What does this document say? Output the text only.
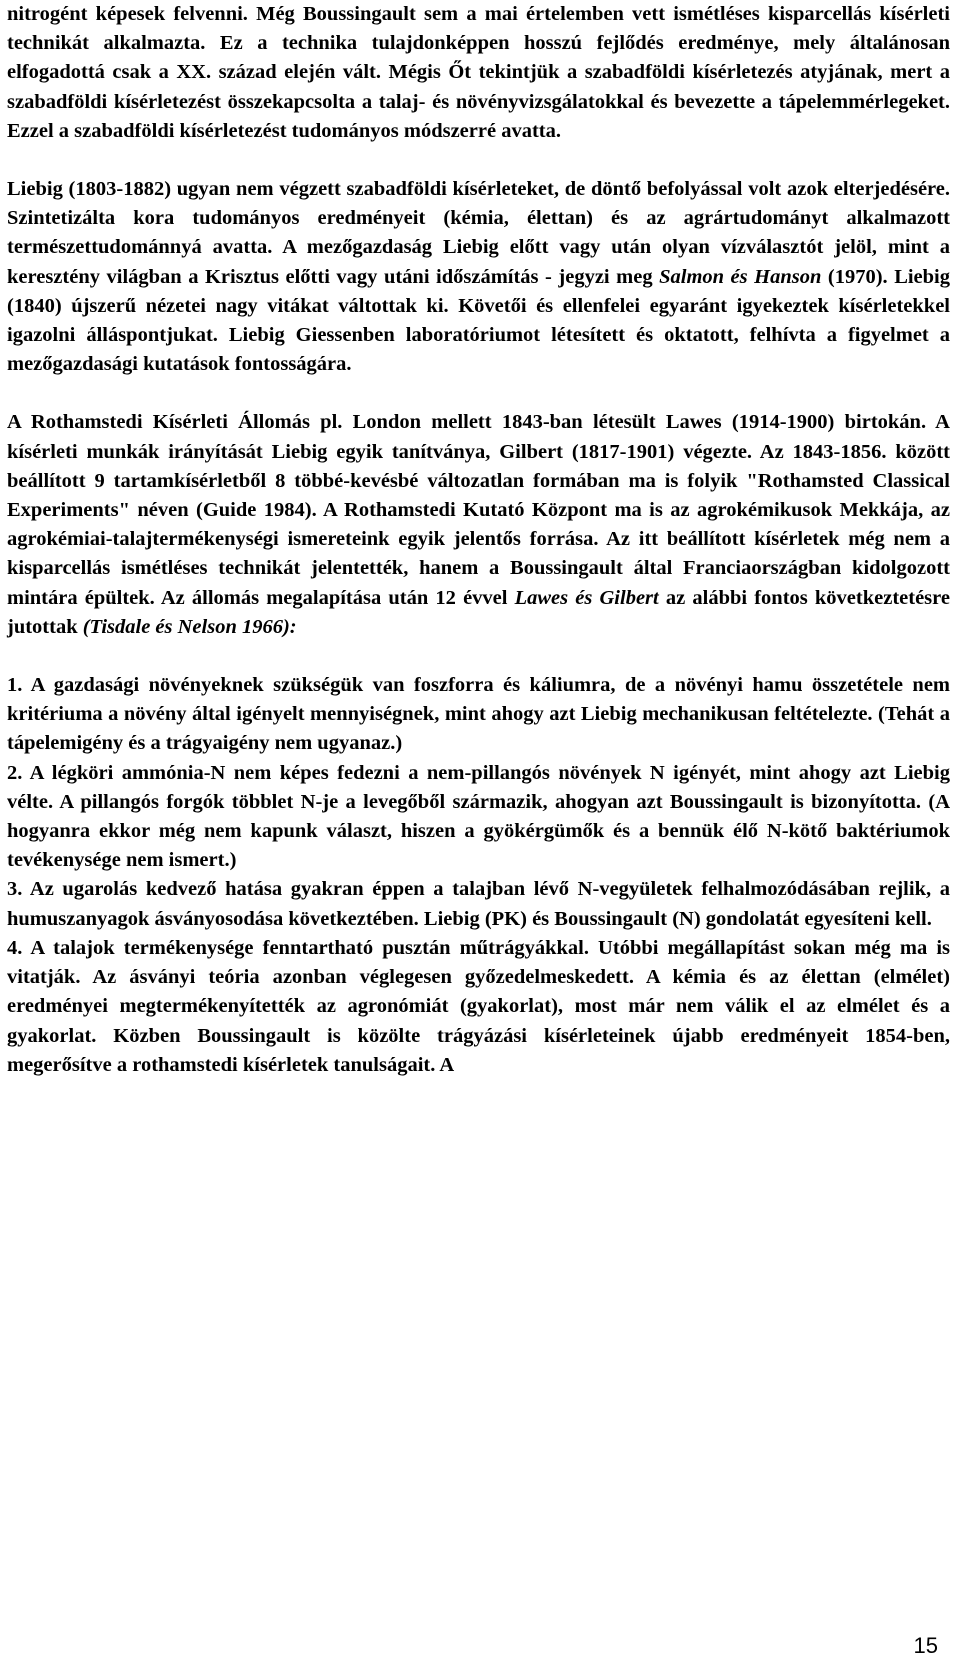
nitrogént képesek felvenni. Még Boussingault sem a mai értelemben vett ismétléses kisparcellás kísérleti technikát alkalmazta. Ez a technika tulajdonképpen hosszú fejlődés eredménye, mely általánosan elfogadottá csak a XX. század elején vált. Mégis Őt tekintjük a szabadföldi kísérletezés atyjának, mert a szabadföldi kísérletezést összekapcsolta a talaj- és növényvizsgálatokkal és bevezette a tápelemmérlegeket. Ezzel a szabadföldi kísérletezést tudományos módszerré avatta.

Liebig (1803-1882) ugyan nem végzett szabadföldi kísérleteket, de döntő befolyással volt azok elterjedésére. Szintetizálta kora tudományos eredményeit (kémia, élettan) és az agrártudományt alkalmazott természettudománnyá avatta. A mezőgazdaság Liebig előtt vagy után olyan vízválasztót jelöl, mint a keresztény világban a Krisztus előtti vagy utáni időszámítás - jegyzi meg Salmon és Hanson (1970). Liebig (1840) újszerű nézetei nagy vitákat váltottak ki. Követői és ellenfelei egyaránt igyekeztek kísérletekkel igazolni álláspontjukat. Liebig Giessenben laboratóriumot létesített és oktatott, felhívta a figyelmet a mezőgazdasági kutatások fontosságára.

A Rothamstedi Kísérleti Állomás pl. London mellett 1843-ban létesült Lawes (1914-1900) birtokán. A kísérleti munkák irányítását Liebig egyik tanítványa, Gilbert (1817-1901) végezte. Az 1843-1856. között beállított 9 tartamkísérletből 8 többé-kevésbé változatlan formában ma is folyik "Rothamsted Classical Experiments" néven (Guide 1984). A Rothamstedi Kutató Központ ma is az agrokémikusok Mekkája, az agrokémiai-talajtermékenységi ismereteink egyik jelentős forrása. Az itt beállított kísérletek még nem a kisparcellás ismétléses technikát jelentették, hanem a Boussingault által Franciaországban kidolgozott mintára épültek. Az állomás megalapítása után 12 évvel Lawes és Gilbert az alábbi fontos következtetésre jutottak (Tisdale és Nelson 1966):

1. A gazdasági növényeknek szükségük van foszforra és káliumra, de a növényi hamu összetétele nem kritériuma a növény által igényelt mennyiségnek, mint ahogy azt Liebig mechanikusan feltételezte. (Tehát a tápelemigény és a trágyaigény nem ugyanaz.)

2. A légköri ammónia-N nem képes fedezni a nem-pillangós növények N igényét, mint ahogy azt Liebig vélte. A pillangós forgók többlet N-je a levegőből származik, ahogyan azt Boussingault is bizonyította. (A hogyanra ekkor még nem kapunk választ, hiszen a gyökérgümők és a bennük élő N-kötő baktériumok tevékenysége nem ismert.)

3. Az ugarolás kedvező hatása gyakran éppen a talajban lévő N-vegyületek felhalmozódásában rejlik, a humuszanyagok ásványosodása következtében. Liebig (PK) és Boussingault (N) gondolatát egyesíteni kell.

4. A talajok termékenysége fenntartható pusztán műtrágyákkal. Utóbbi megállapítást sokan még ma is vitatják. Az ásványi teória azonban véglegesen győzedelmeskedett. A kémia és az élettan (elmélet) eredményei megtermékenyítették az agronómiát (gyakorlat), most már nem válik el az elmélet és a gyakorlat. Közben Boussingault is közölte trágyázási kísérleteinek újabb eredményeit 1854-ben, megerősítve a rothamstedi kísérletek tanulságait. A

15
